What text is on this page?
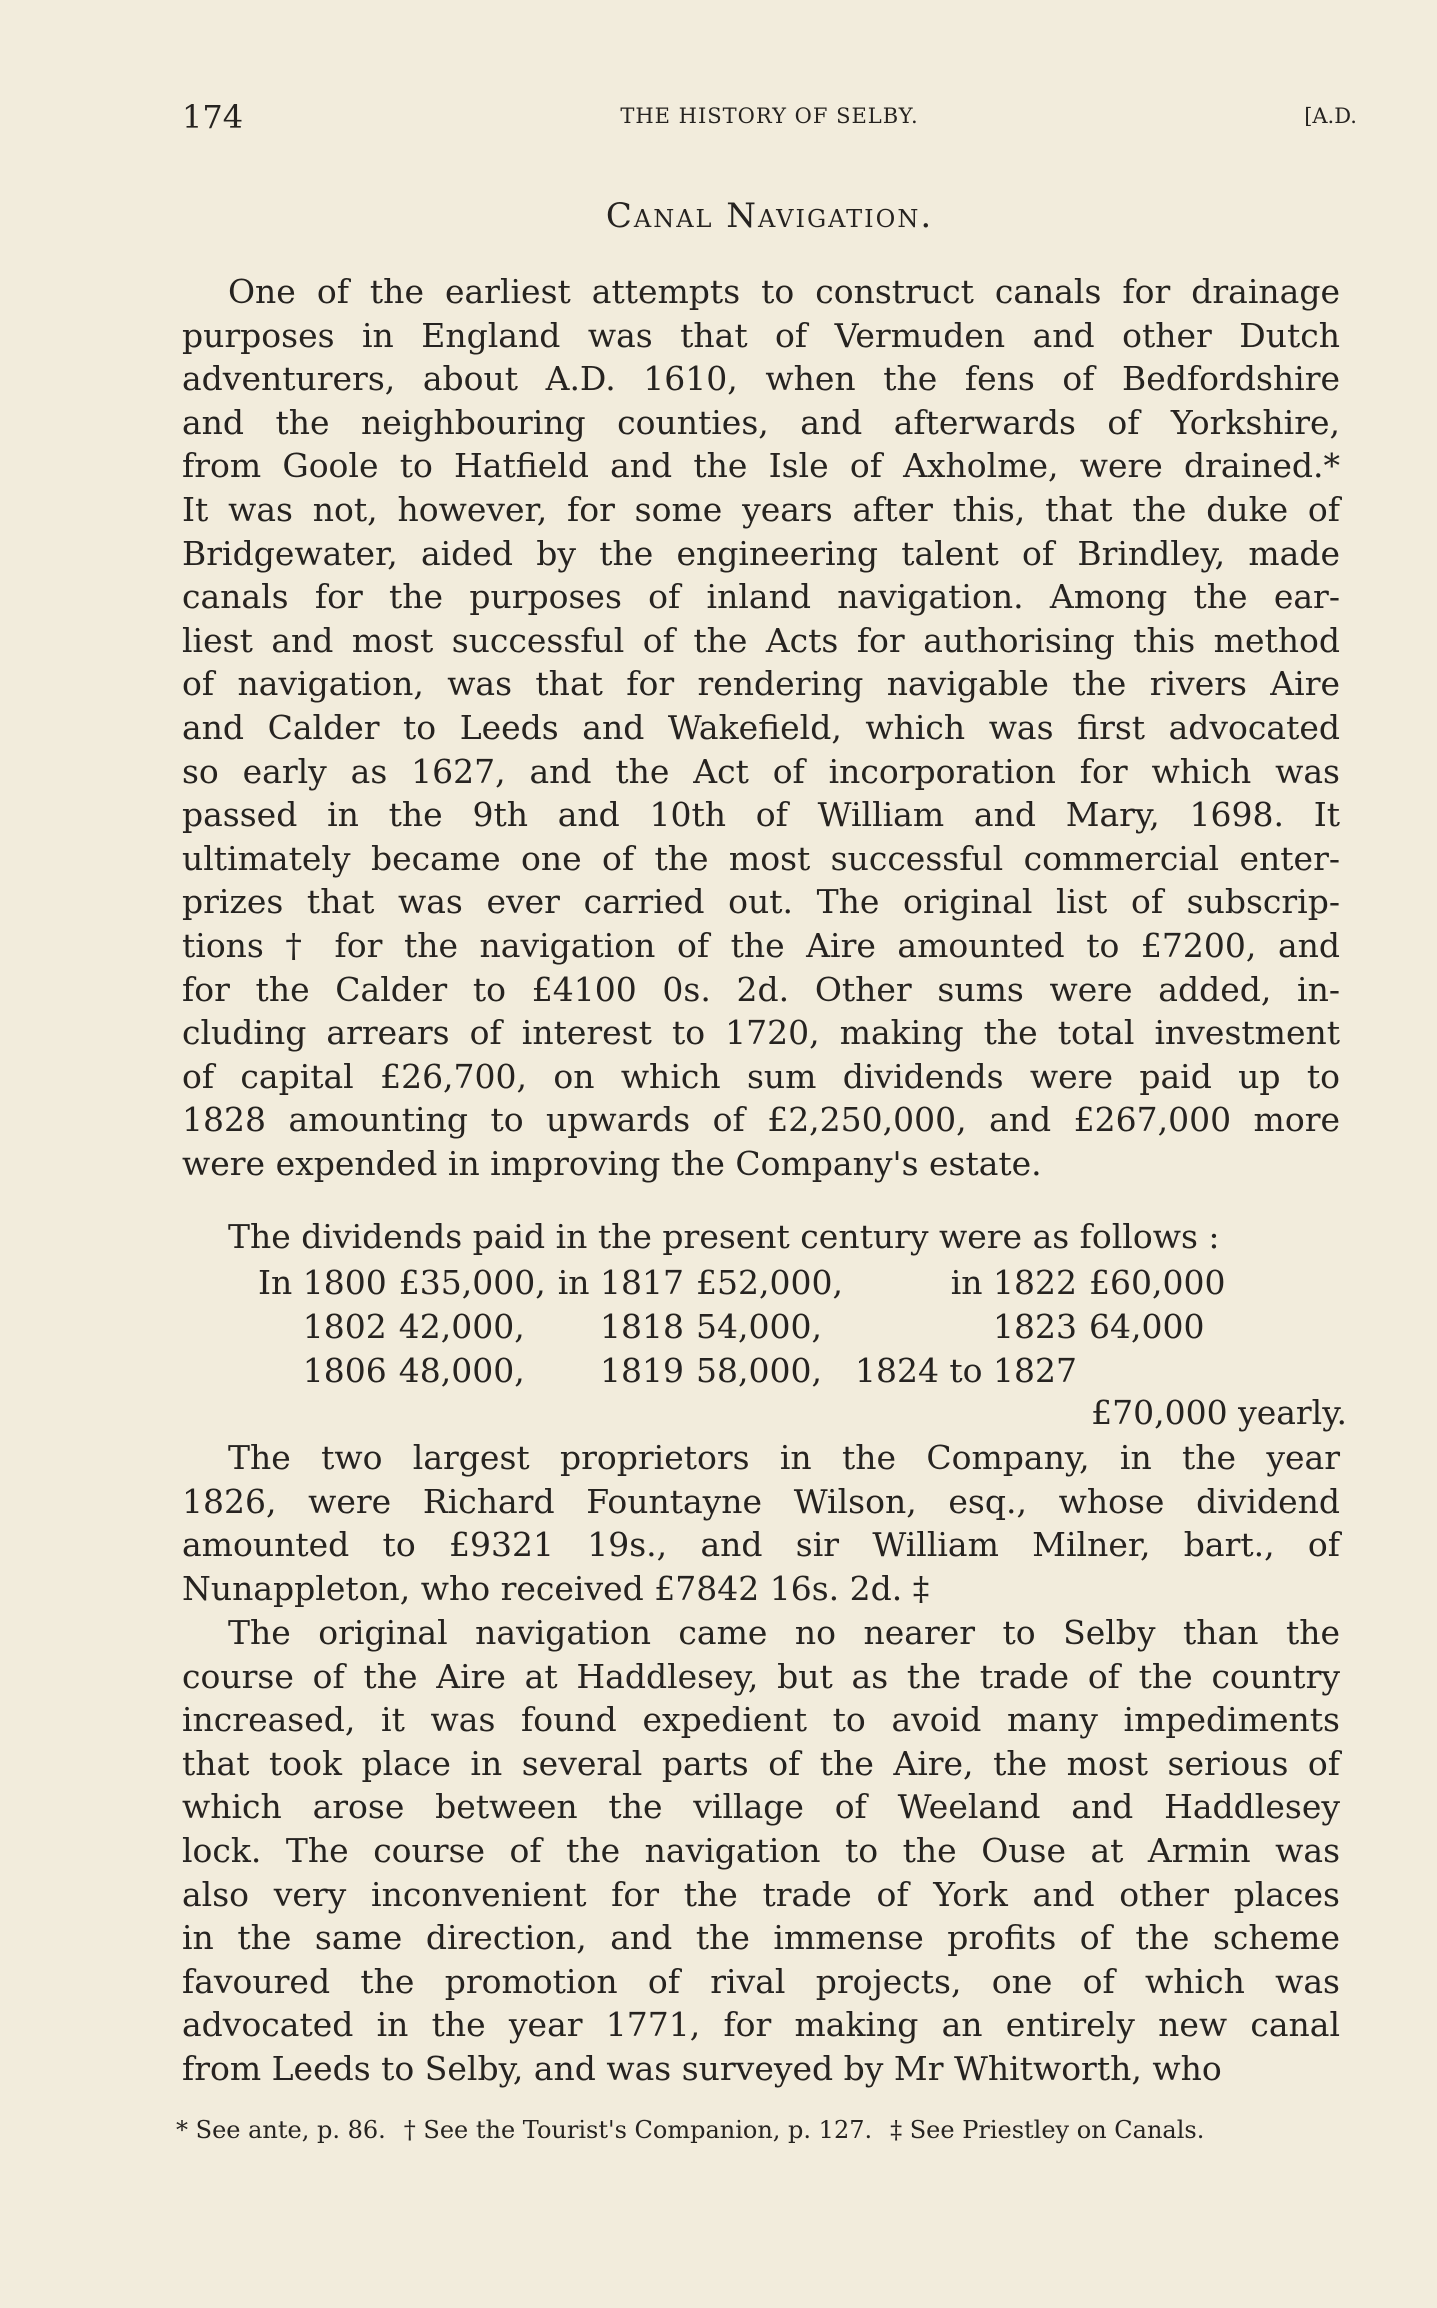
174	THE HISTORY OF SELBY.	[A.D.
Canal Navigation.
One of the earliest attempts to construct canals for drainage
purposes in England was that of Vermuden and other Dutch
adventurers, about A.D. 1610, when the fens of Bedfordshire
and the neighbouring counties, and afterwards of Yorkshire,
from Goole to Hatfield and the Isle of Axholme, were drained.*
It was not, however, for some years after this, that the duke of
Bridgewater, aided by the engineering talent of Brindley, made
canals for the purposes of inland navigation. Among the ear-
liest and most successful of the Acts for authorising this method
of navigation, was that for rendering navigable the rivers Aire
and Calder to Leeds and Wakefield, which was first advocated
so early as 1627, and the Act of incorporation for which was
passed in the 9th and 10th of William and Mary, 1698. It
ultimately became one of the most successful commercial enter-
prizes that was ever carried out. The original list of subscrip-
tions † for the navigation of the Aire amounted to £7200, and
for the Calder to £4100 0s. 2d. Other sums were added, in-
cluding arrears of interest to 1720, making the total investment
of capital £26,700, on which sum dividends were paid up to
1828 amounting to upwards of £2,250,000, and £267,000 more
were expended in improving the Company's estate.
The dividends paid in the present century were as follows :
In 1800	£35,000,	in 1817	£52,000,	in 1822	£60,000
1802	42,000,	1818	54,000,	1823	64,000
1806	48,000,	1819	58,000,	1824 to 1827	
£70,000 yearly.
The two largest proprietors in the Company, in the year
1826, were Richard Fountayne Wilson, esq., whose dividend
amounted to £9321 19s., and sir William Milner, bart., of
Nunappleton, who received £7842 16s. 2d. ‡
The original navigation came no nearer to Selby than the
course of the Aire at Haddlesey, but as the trade of the country
increased, it was found expedient to avoid many impediments
that took place in several parts of the Aire, the most serious of
which arose between the village of Weeland and Haddlesey
lock. The course of the navigation to the Ouse at Armin was
also very inconvenient for the trade of York and other places
in the same direction, and the immense profits of the scheme
favoured the promotion of rival projects, one of which was
advocated in the year 1771, for making an entirely new canal
from Leeds to Selby, and was surveyed by Mr Whitworth, who
* See ante, p. 86. † See the Tourist's Companion, p. 127. ‡ See Priestley on Canals.
